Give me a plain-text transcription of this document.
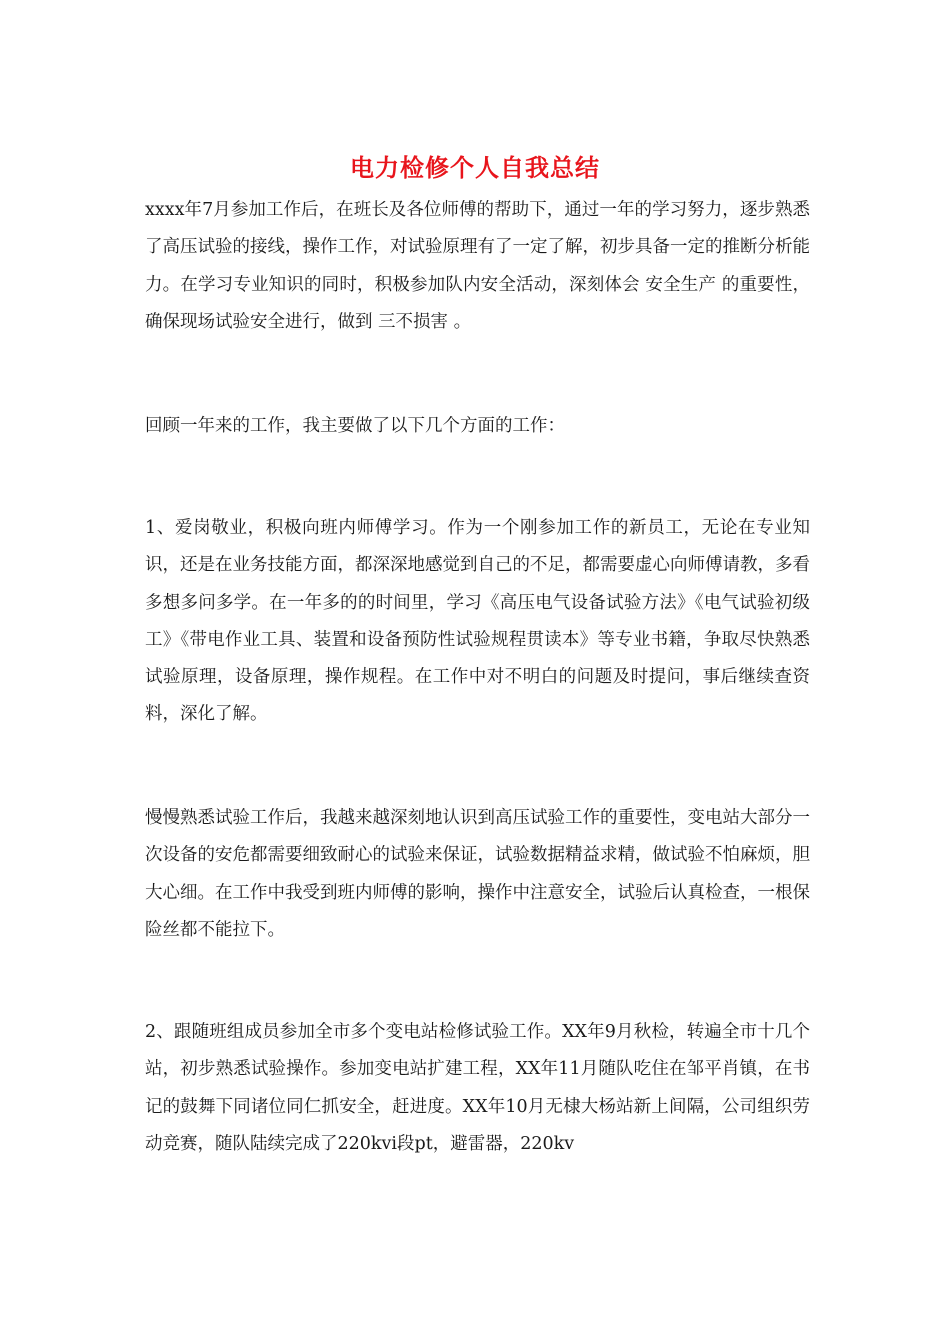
电力检修个人自我总结

xxxx年7月参加工作后，在班长及各位师傅的帮助下，通过一年的学习努力，逐步熟悉了高压试验的接线，操作工作，对试验原理有了一定了解，初步具备一定的推断分析能力。在学习专业知识的同时，积极参加队内安全活动，深刻体会 安全生产 的重要性，确保现场试验安全进行，做到 三不损害 。

回顾一年来的工作，我主要做了以下几个方面的工作：

1、爱岗敬业，积极向班内师傅学习。作为一个刚参加工作的新员工，无论在专业知识，还是在业务技能方面，都深深地感觉到自己的不足，都需要虚心向师傅请教，多看多想多问多学。在一年多的的时间里，学习《高压电气设备试验方法》《电气试验初级工》《带电作业工具、装置和设备预防性试验规程贯读本》等专业书籍，争取尽快熟悉试验原理，设备原理，操作规程。在工作中对不明白的问题及时提问，事后继续查资料，深化了解。

慢慢熟悉试验工作后，我越来越深刻地认识到高压试验工作的重要性，变电站大部分一次设备的安危都需要细致耐心的试验来保证，试验数据精益求精，做试验不怕麻烦，胆大心细。在工作中我受到班内师傅的影响，操作中注意安全，试验后认真检查，一根保险丝都不能拉下。

2、跟随班组成员参加全市多个变电站检修试验工作。XX年9月秋检，转遍全市十几个站，初步熟悉试验操作。参加变电站扩建工程，XX年11月随队吃住在邹平肖镇，在书记的鼓舞下同诸位同仁抓安全，赶进度。XX年10月无棣大杨站新上间隔，公司组织劳动竞赛，随队陆续完成了220kvⅰ段pt，避雷器，220kv
